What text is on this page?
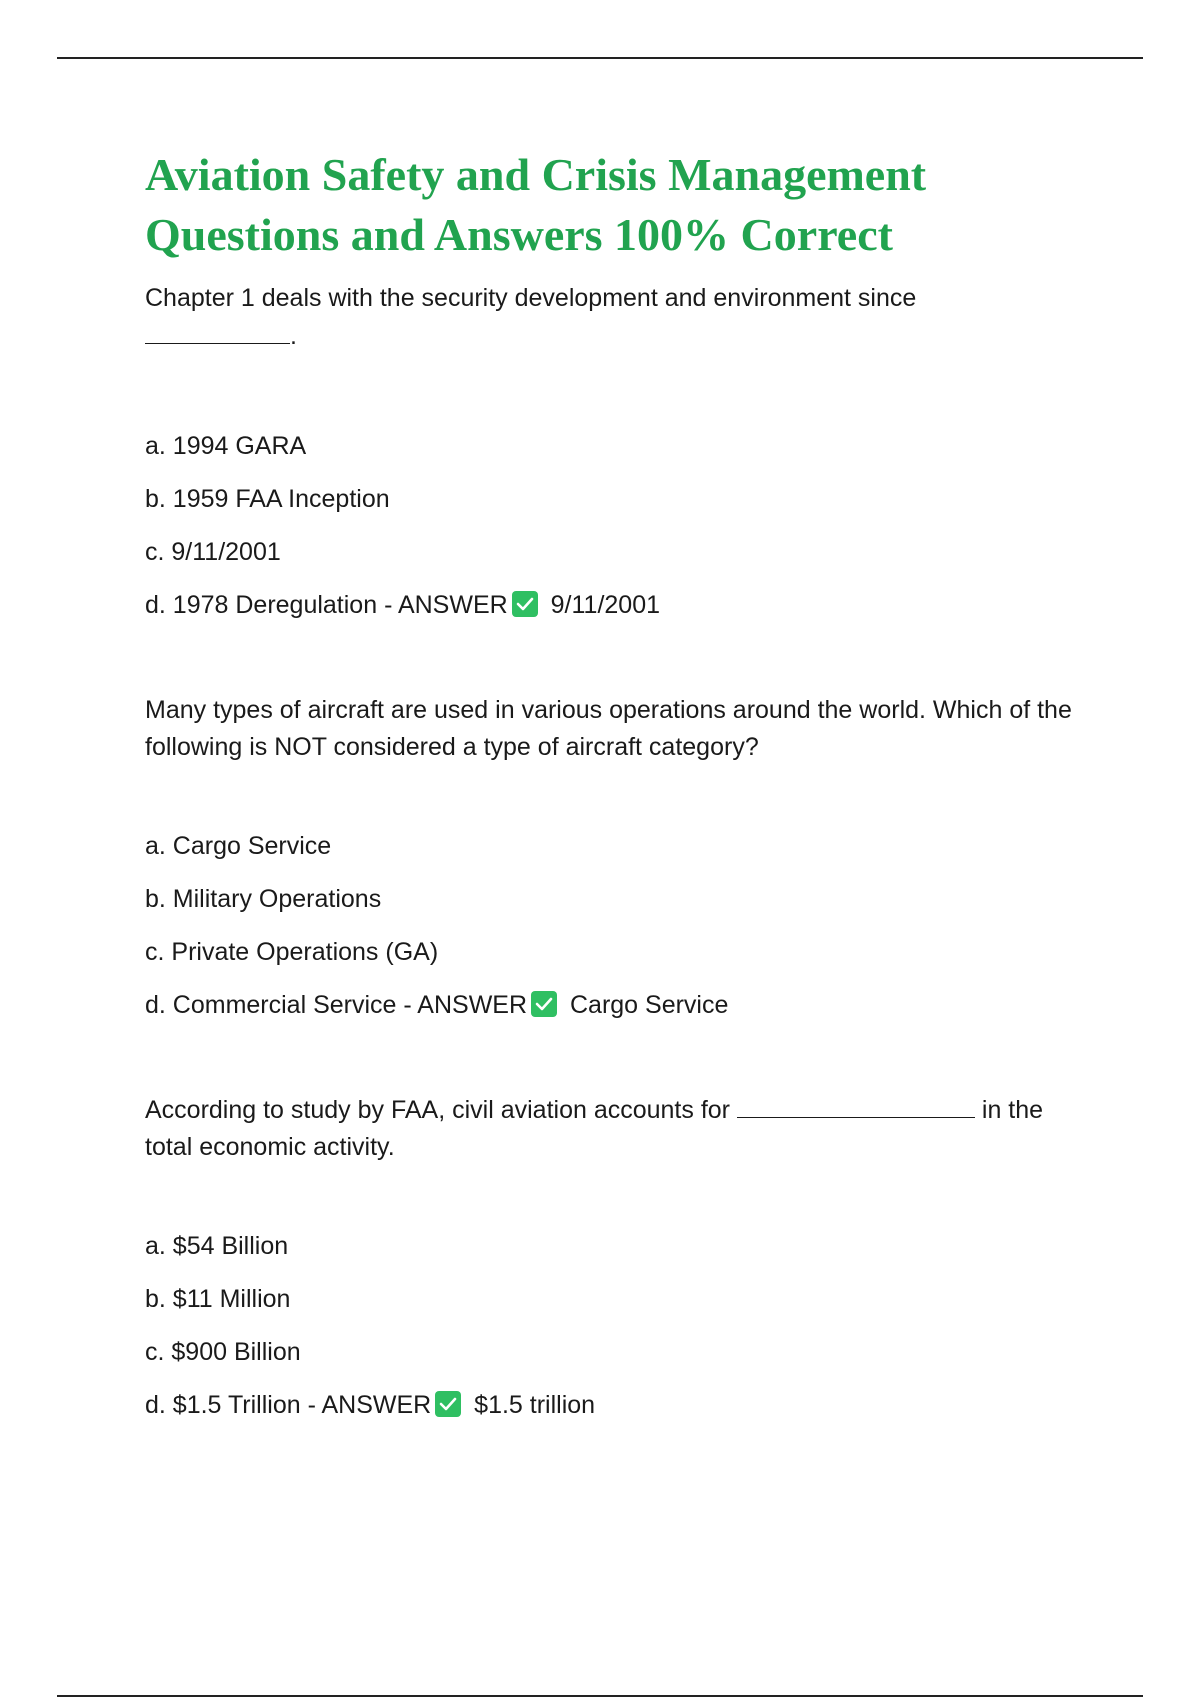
Aviation Safety and Crisis Management
Questions and Answers 100% Correct

Chapter 1 deals with the security development and environment since
.

a. 1994 GARA
b. 1959 FAA Inception
c. 9/11/2001
d. 1978 Deregulation - ANSWER 9/11/2001

Many types of aircraft are used in various operations around the world. Which of the following is NOT considered a type of aircraft category?

a. Cargo Service
b. Military Operations
c. Private Operations (GA)
d. Commercial Service - ANSWER Cargo Service

According to study by FAA, civil aviation accounts for	in the total economic activity.

a. $54 Billion
b. $11 Million
c. $900 Billion
d. $1.5 Trillion - ANSWER $1.5 trillion
